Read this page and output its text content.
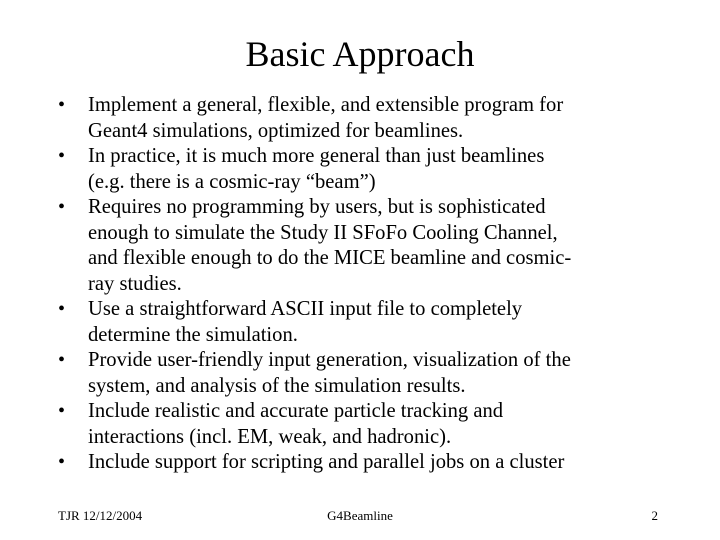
Basic Approach
• Implement a general, flexible, and extensible program for
Geant4 simulations, optimized for beamlines.
• In practice, it is much more general than just beamlines
(e.g. there is a cosmic-ray “beam”)
• Requires no programming by users, but is sophisticated
enough to simulate the Study II SFoFo Cooling Channel,
and flexible enough to do the MICE beamline and cosmic-
ray studies.
• Use a straightforward ASCII input file to completely
determine the simulation.
• Provide user-friendly input generation, visualization of the
system, and analysis of the simulation results.
• Include realistic and accurate particle tracking and
interactions (incl. EM, weak, and hadronic).
• Include support for scripting and parallel jobs on a cluster
TJR 12/12/2004	G4Beamline	2
